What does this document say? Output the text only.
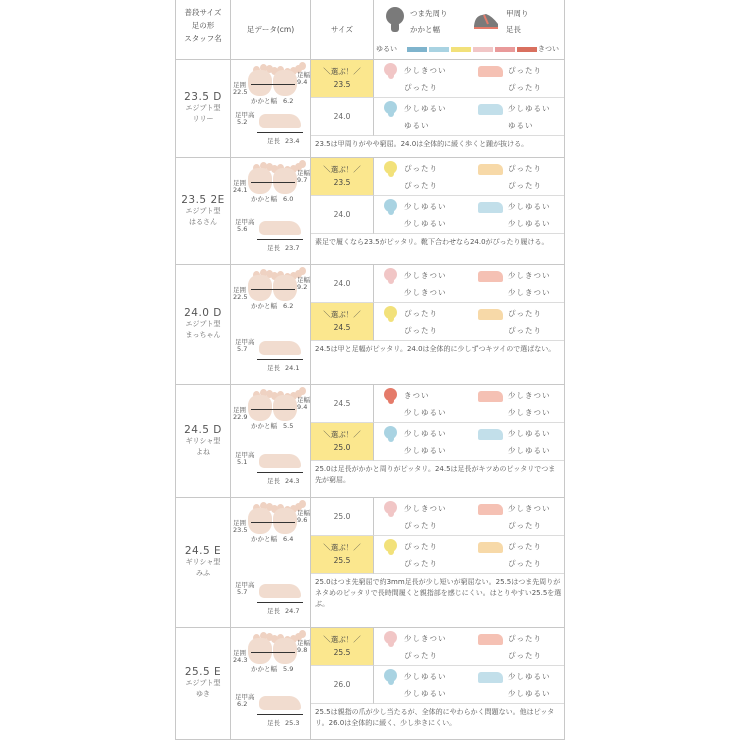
普段サイズ
足の形
スタッフ名
足データ(cm)	サイズ
つま先周り
かかと幅
甲周り
足長
ゆるい	きつい
23.5 D
エジプト型
リリー
足囲
22.5
足幅
9.4
かかと幅 6.2
足甲高
5.2
足長 23.4
＼選ぶ！／
23.5
少しきつい	ぴったり
ぴったり	ぴったり
24.0
少しゆるい	少しゆるい
ゆるい	ゆるい
23.5は甲周りがやや窮屈。24.0は全体的に緩く歩くと踵が抜ける。
23.5 2E
エジプト型
はるさん
足囲
24.1
足幅
9.7
かかと幅 6.0
足甲高
5.6
足長 23.7
＼選ぶ！／
23.5
ぴったり	ぴったり
ぴったり	ぴったり
24.0
少しゆるい	少しゆるい
少しゆるい	少しゆるい
素足で履くなら23.5がピッタリ。靴下合わせなら24.0がぴったり履ける。
24.0 D
エジプト型
まっちゃん
足囲
22.5
足幅
9.2
かかと幅 6.2
足甲高
5.7
足長 24.1
24.0
少しきつい	少しきつい
少しきつい	少しきつい
＼選ぶ！／
24.5
ぴったり	ぴったり
ぴったり	ぴったり
24.5は甲と足幅がピッタリ。24.0は全体的に少しずつキツイので選ばない。
24.5 D
ギリシャ型
よね
足囲
22.9
足幅
9.4
かかと幅 5.5
足甲高
5.1
足長 24.3
24.5
きつい	少しきつい
少しゆるい	少しきつい
＼選ぶ！／
25.0
少しゆるい	少しゆるい
少しゆるい	少しゆるい
25.0は足長がかかと周りがピッタリ。24.5は足長がキツめのピッタリでつま先が窮屈。
24.5 E
ギリシャ型
みふ
足囲
23.5
足幅
9.6
かかと幅 6.4
足甲高
5.7
足長 24.7
25.0
少しきつい	少しきつい
ぴったり	ぴったり
＼選ぶ！／
25.5
ぴったり	ぴったり
ぴったり	ぴったり
25.0はつま先窮屈で約3mm足長が少し短いが窮屈ない。25.5はつま先周りがネタめのピッタリで長時間履くと親指部を感じにくい。はとりやすい25.5を選ぶ。
25.5 E
エジプト型
ゆき
足囲
24.3
足幅
9.8
かかと幅 5.9
足甲高
6.2
足長 25.3
＼選ぶ！／
25.5
少しきつい	ぴったり
ぴったり	ぴったり
26.0
少しゆるい	少しゆるい
少しゆるい	少しゆるい
25.5は親指の爪が少し当たるが、全体的にやわらかく問題ない。他はピッタリ。26.0は全体的に緩く、少し歩きにくい。
